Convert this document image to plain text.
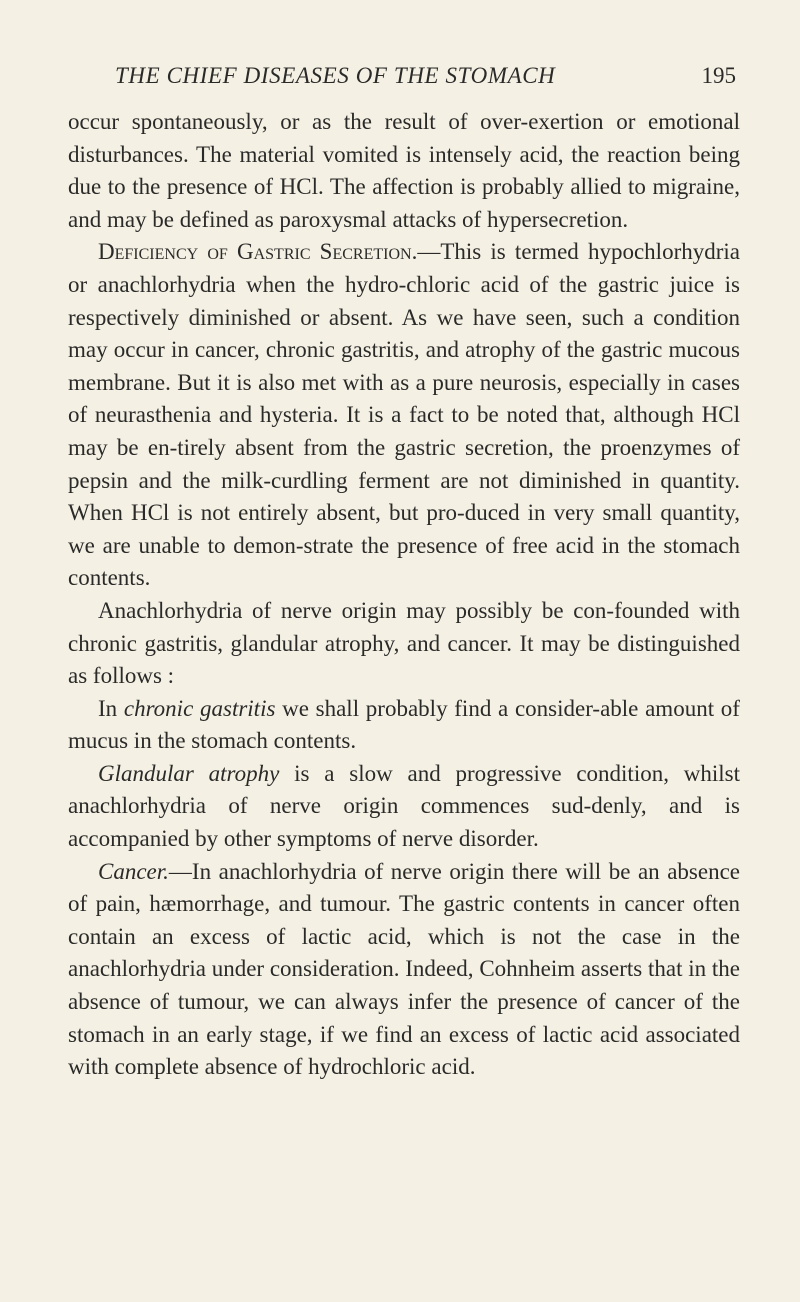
THE CHIEF DISEASES OF THE STOMACH	195

occur spontaneously, or as the result of over-exertion or emotional disturbances. The material vomited is intensely acid, the reaction being due to the presence of HCl. The affection is probably allied to migraine, and may be defined as paroxysmal attacks of hypersecretion.

Deficiency of Gastric Secretion.—This is termed hypochlorhydria or anachlorhydria when the hydro-chloric acid of the gastric juice is respectively diminished or absent. As we have seen, such a condition may occur in cancer, chronic gastritis, and atrophy of the gastric mucous membrane. But it is also met with as a pure neurosis, especially in cases of neurasthenia and hysteria. It is a fact to be noted that, although HCl may be en-tirely absent from the gastric secretion, the proenzymes of pepsin and the milk-curdling ferment are not diminished in quantity. When HCl is not entirely absent, but pro-duced in very small quantity, we are unable to demon-strate the presence of free acid in the stomach contents.

Anachlorhydria of nerve origin may possibly be con-founded with chronic gastritis, glandular atrophy, and cancer. It may be distinguished as follows :

In chronic gastritis we shall probably find a consider-able amount of mucus in the stomach contents.

Glandular atrophy is a slow and progressive condition, whilst anachlorhydria of nerve origin commences sud-denly, and is accompanied by other symptoms of nerve disorder.

Cancer.—In anachlorhydria of nerve origin there will be an absence of pain, hæmorrhage, and tumour. The gastric contents in cancer often contain an excess of lactic acid, which is not the case in the anachlorhydria under consideration. Indeed, Cohnheim asserts that in the absence of tumour, we can always infer the presence of cancer of the stomach in an early stage, if we find an excess of lactic acid associated with complete absence of hydrochloric acid.
